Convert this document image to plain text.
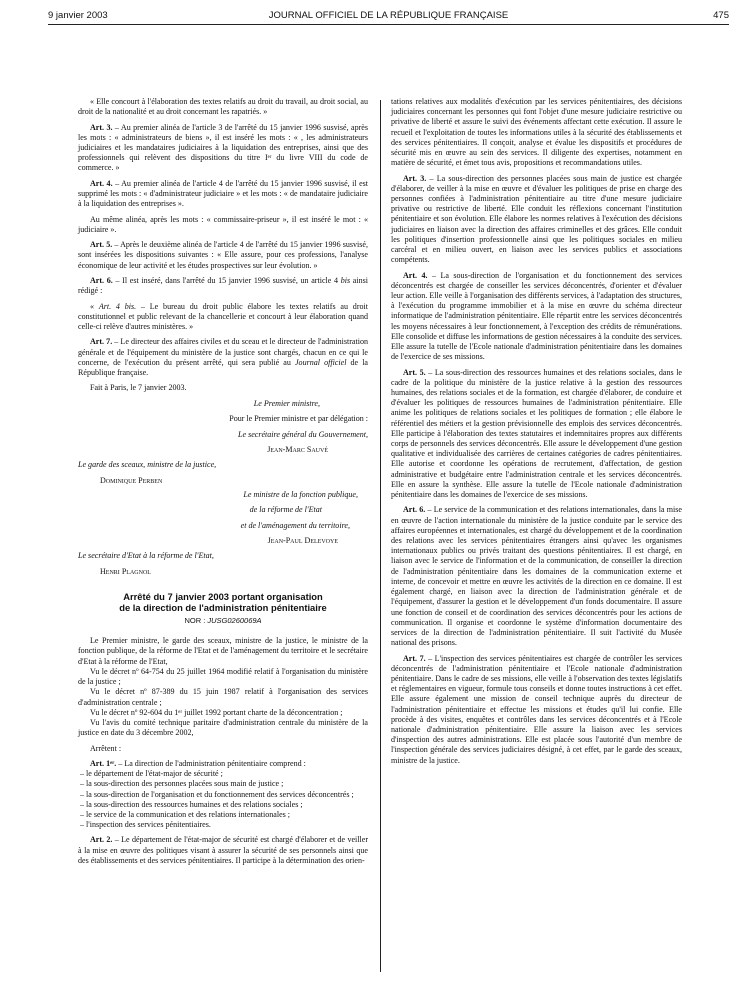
9 janvier 2003	JOURNAL OFFICIEL DE LA RÉPUBLIQUE FRANÇAISE	475

« Elle concourt à l'élaboration des textes relatifs au droit du travail, au droit social, au droit de la nationalité et au droit concernant les rapatriés. »

Art. 3. – Au premier alinéa de l'article 3 de l'arrêté du 15 janvier 1996 susvisé, après les mots : « administrateurs de biens », il est inséré les mots : « , les administrateurs judiciaires et les mandataires judiciaires à la liquidation des entreprises, ainsi que des professionnels qui relèvent des dispositions du titre Iᵉʳ du livre VIII du code de commerce. »

Art. 4. – Au premier alinéa de l'article 4 de l'arrêté du 15 janvier 1996 susvisé, il est supprimé les mots : « d'administrateur judiciaire » et les mots : « de mandataire judiciaire à la liquidation des entreprises ».

Au même alinéa, après les mots : « commissaire-priseur », il est inséré le mot : « judiciaire ».

Art. 5. – Après le deuxième alinéa de l'article 4 de l'arrêté du 15 janvier 1996 susvisé, sont insérées les dispositions suivantes : « Elle assure, pour ces professions, l'analyse économique de leur activité et les études prospectives sur leur évolution. »

Art. 6. – Il est inséré, dans l'arrêté du 15 janvier 1996 susvisé, un article 4 bis ainsi rédigé :

« Art. 4 bis. – Le bureau du droit public élabore les textes relatifs au droit constitutionnel et public relevant de la chancellerie et concourt à leur élaboration quand celle-ci relève d'autres ministères. »

Art. 7. – Le directeur des affaires civiles et du sceau et le directeur de l'administration générale et de l'équipement du ministère de la justice sont chargés, chacun en ce qui le concerne, de l'exécution du présent arrêté, qui sera publié au Journal officiel de la République française.

Fait à Paris, le 7 janvier 2003.

Le Premier ministre,

Pour le Premier ministre et par délégation :

Le secrétaire général du Gouvernement,

Jean-Marc Sauvé

Le garde des sceaux, ministre de la justice,

Dominique Perben

Le ministre de la fonction publique,

de la réforme de l'Etat

et de l'aménagement du territoire,

Jean-Paul Delevoye

Le secrétaire d'Etat à la réforme de l'Etat,

Henri Plagnol

Arrêté du 7 janvier 2003 portant organisation
de la direction de l'administration pénitentiaire
NOR : JUSG0260069A

Le Premier ministre, le garde des sceaux, ministre de la justice, le ministre de la fonction publique, de la réforme de l'Etat et de l'aménagement du territoire et le secrétaire d'Etat à la réforme de l'Etat,

Vu le décret nº 64-754 du 25 juillet 1964 modifié relatif à l'organisation du ministère de la justice ;

Vu le décret nº 87-389 du 15 juin 1987 relatif à l'organisation des services d'administration centrale ;

Vu le décret nº 92-604 du 1ᵉʳ juillet 1992 portant charte de la déconcentration ;

Vu l'avis du comité technique paritaire d'administration centrale du ministère de la justice en date du 3 décembre 2002,

Arrêtent :

Art. 1ᵉʳ. – La direction de l'administration pénitentiaire comprend :

– le département de l'état-major de sécurité ;
– la sous-direction des personnes placées sous main de justice ;
– la sous-direction de l'organisation et du fonctionnement des services déconcentrés ;
– la sous-direction des ressources humaines et des relations sociales ;
– le service de la communication et des relations internationales ;
– l'inspection des services pénitentiaires.

Art. 2. – Le département de l'état-major de sécurité est chargé d'élaborer et de veiller à la mise en œuvre des politiques visant à assurer la sécurité de ses personnels ainsi que des établissements et des services pénitentiaires. Il participe à la détermination des orien-

tations relatives aux modalités d'exécution par les services pénitentiaires, des décisions judiciaires concernant les personnes qui font l'objet d'une mesure judiciaire restrictive ou privative de liberté et assure le suivi des événements affectant cette exécution. Il assure le recueil et l'exploitation de toutes les informations utiles à la sécurité des établissements et des services pénitentiaires. Il conçoit, analyse et évalue les dispositifs et procédures de sécurité mis en œuvre au sein des services. Il diligente des expertises, notamment en matière de sécurité, et émet tous avis, propositions et recommandations utiles.

Art. 3. – La sous-direction des personnes placées sous main de justice est chargée d'élaborer, de veiller à la mise en œuvre et d'évaluer les politiques de prise en charge des personnes confiées à l'administration pénitentiaire au titre d'une mesure judiciaire privative ou restrictive de liberté. Elle conduit les réflexions concernant l'institution pénitentiaire et son évolution. Elle élabore les normes relatives à l'exécution des décisions judiciaires en liaison avec la direction des affaires criminelles et des grâces. Elle conduit les politiques d'insertion professionnelle ainsi que les politiques sociales en milieu carcéral et en milieu ouvert, en liaison avec les services publics et associations compétents.

Art. 4. – La sous-direction de l'organisation et du fonctionnement des services déconcentrés est chargée de conseiller les services déconcentrés, d'orienter et d'évaluer leur action. Elle veille à l'organisation des différents services, à l'adaptation des structures, à l'exécution du programme immobilier et à la mise en œuvre du schéma directeur informatique de l'administration pénitentiaire. Elle répartit entre les services déconcentrés les moyens nécessaires à leur fonctionnement, à l'exception des crédits de rémunérations. Elle consolide et diffuse les informations de gestion nécessaires à la conduite des services. Elle assure la tutelle de l'Ecole nationale d'administration pénitentiaire dans les domaines de l'exercice de ses missions.

Art. 5. – La sous-direction des ressources humaines et des relations sociales, dans le cadre de la politique du ministère de la justice relative à la gestion des ressources humaines, des relations sociales et de la formation, est chargée d'élaborer, de conduire et d'évaluer les politiques de ressources humaines de l'administration pénitentiaire. Elle anime les politiques de relations sociales et les politiques de formation ; elle élabore le référentiel des métiers et la gestion prévisionnelle des emplois des services déconcentrés. Elle participe à l'élaboration des textes statutaires et indemnitaires propres aux différents corps de personnels des services déconcentrés. Elle assure le développement d'une gestion qualitative et individualisée des carrières de certaines catégories de cadres pénitentiaires. Elle autorise et coordonne les opérations de recrutement, d'affectation, de gestion administrative et budgétaire entre l'administration centrale et les services déconcentrés. Elle en assure la synthèse. Elle assure la tutelle de l'Ecole nationale d'administration pénitentiaire dans les domaines de l'exercice de ses missions.

Art. 6. – Le service de la communication et des relations internationales, dans la mise en œuvre de l'action internationale du ministère de la justice conduite par le service des affaires européennes et internationales, est chargé du développement et de la coordination des relations avec les services pénitentiaires étrangers ainsi qu'avec les organismes internationaux publics ou privés traitant des questions pénitentiaires. Il est chargé, en liaison avec le service de l'information et de la communication, de conseiller la direction de l'administration pénitentiaire dans les domaines de la communication externe et interne, de concevoir et mettre en œuvre les activités de la direction en ce domaine. Il est également chargé, en liaison avec la direction de l'administration générale et de l'équipement, d'assurer la gestion et le développement d'un fonds documentaire. Il assure une fonction de conseil et de coordination des services déconcentrés pour les actions de communication. Il organise et coordonne le système d'information documentaire des services de la direction de l'administration pénitentiaire. Il suit l'activité du Musée national des prisons.

Art. 7. – L'inspection des services pénitentiaires est chargée de contrôler les services déconcentrés de l'administration pénitentiaire et l'Ecole nationale d'administration pénitentiaire. Dans le cadre de ses missions, elle veille à l'observation des textes législatifs et réglementaires en vigueur, formule tous conseils et donne toutes instructions à cet effet. Elle assure également une mission de conseil technique auprès du directeur de l'administration pénitentiaire et effectue les missions et études qu'il lui confie. Elle procède à des visites, enquêtes et contrôles dans les services déconcentrés et à l'Ecole nationale d'administration pénitentiaire. Elle assure la liaison avec les services d'inspection des autres administrations. Elle est placée sous l'autorité d'un membre de l'inspection générale des services judiciaires désigné, à cet effet, par le garde des sceaux, ministre de la justice.
